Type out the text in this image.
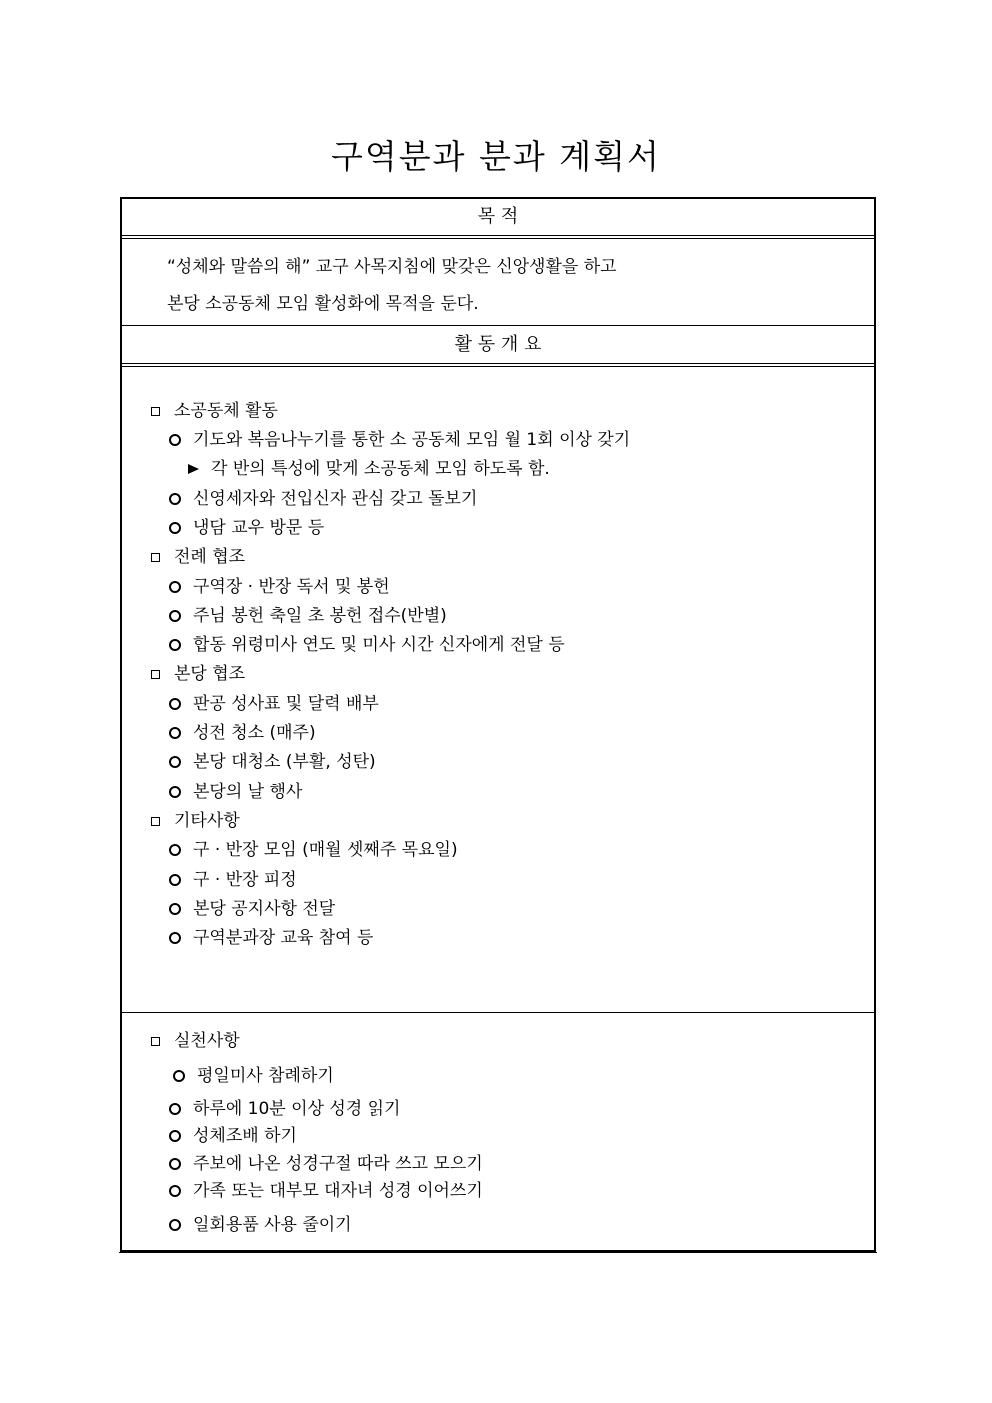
구역분과 분과 계획서
목 적
“성체와 말씀의 해” 교구 사목지침에 맞갖은 신앙생활을 하고
본당 소공동체 모임 활성화에 목적을 둔다.
활 동 개 요
소공동체 활동
기도와 복음나누기를 통한 소 공동체 모임 월 1회 이상 갖기
각 반의 특성에 맞게 소공동체 모임 하도록 함.
신영세자와 전입신자 관심 갖고 돌보기
냉담 교우 방문 등
전례 협조
구역장 · 반장 독서 및 봉헌
주님 봉헌 축일 초 봉헌 접수(반별)
합동 위령미사 연도 및 미사 시간 신자에게 전달 등
본당 협조
판공 성사표 및 달력 배부
성전 청소 (매주)
본당 대청소 (부활, 성탄)
본당의 날 행사
기타사항
구 · 반장 모임 (매월 셋째주 목요일)
구 · 반장 피정
본당 공지사항 전달
구역분과장 교육 참여 등
실천사항
평일미사 참례하기
하루에 10분 이상 성경 읽기
성체조배 하기
주보에 나온 성경구절 따라 쓰고 모으기
가족 또는 대부모 대자녀 성경 이어쓰기
일회용품 사용 줄이기
